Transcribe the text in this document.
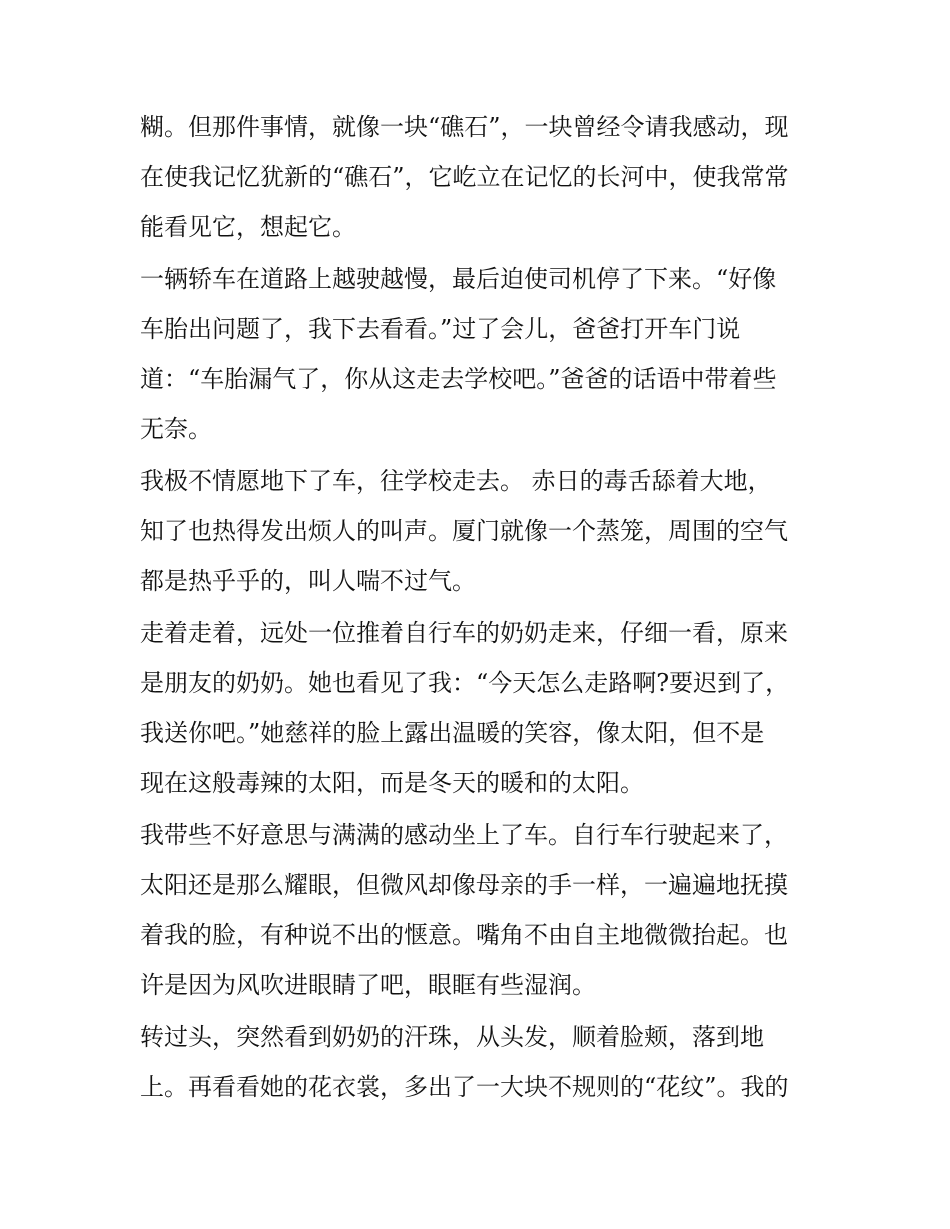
糊。但那件事情，就像一块“礁石”，一块曾经令请我感动，现
在使我记忆犹新的“礁石”，它屹立在记忆的长河中，使我常常
能看见它，想起它。
一辆轿车在道路上越驶越慢，最后迫使司机停了下来。“好像
车胎出问题了，我下去看看。”过了会儿，爸爸打开车门说
道：“车胎漏气了，你从这走去学校吧。”爸爸的话语中带着些
无奈。
我极不情愿地下了车，往学校走去。 赤日的毒舌舔着大地，
知了也热得发出烦人的叫声。厦门就像一个蒸笼，周围的空气
都是热乎乎的，叫人喘不过气。
走着走着，远处一位推着自行车的奶奶走来，仔细一看，原来
是朋友的奶奶。她也看见了我：“今天怎么走路啊?要迟到了，
我送你吧。”她慈祥的脸上露出温暖的笑容，像太阳，但不是
现在这般毒辣的太阳，而是冬天的暖和的太阳。
我带些不好意思与满满的感动坐上了车。自行车行驶起来了，
太阳还是那么耀眼，但微风却像母亲的手一样，一遍遍地抚摸
着我的脸，有种说不出的惬意。嘴角不由自主地微微抬起。也
许是因为风吹进眼睛了吧，眼眶有些湿润。
转过头，突然看到奶奶的汗珠，从头发，顺着脸颊，落到地
上。再看看她的花衣裳，多出了一大块不规则的“花纹”。我的
